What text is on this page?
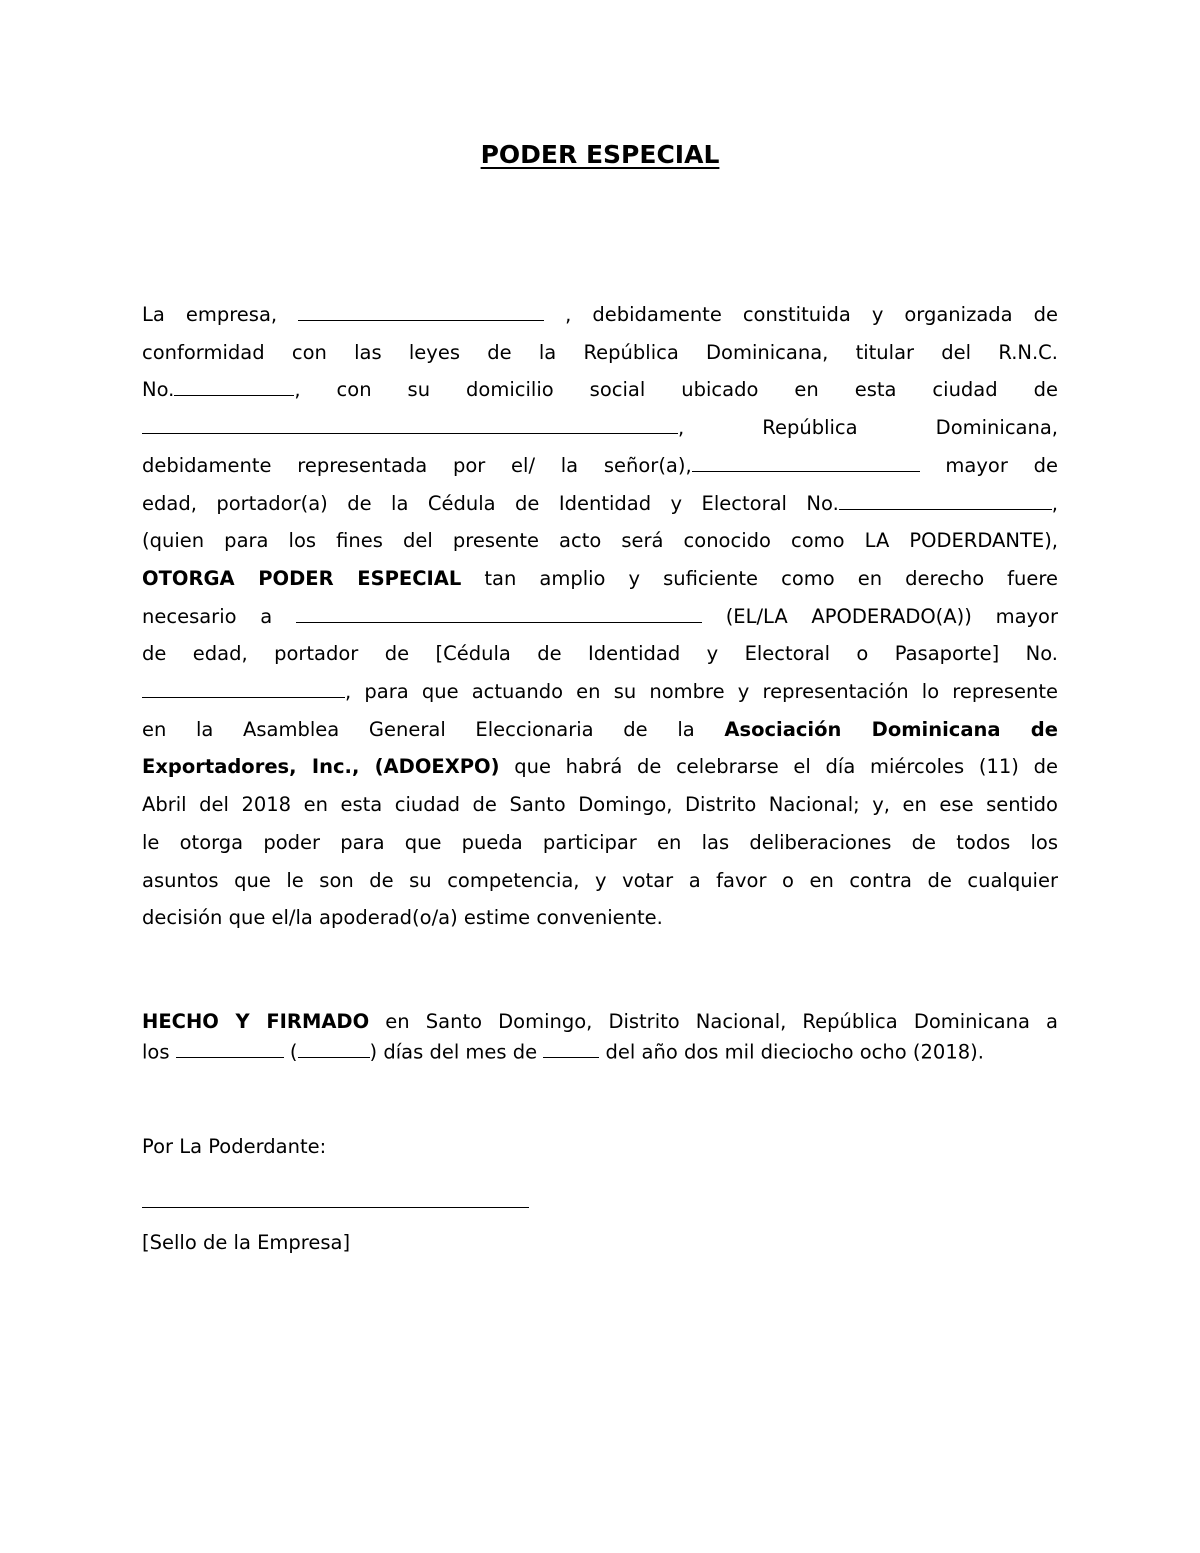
PODER ESPECIAL
La empresa,	, debidamente constituida y organizada de
conformidad con las leyes de la República Dominicana, titular del R.N.C.
No.	, con su domicilio social ubicado en esta ciudad de
, República Dominicana,
debidamente representada por el/ la señor(a),	mayor de
edad, portador(a) de la Cédula de Identidad y Electoral No.	,
(quien para los fines del presente acto será conocido como LA PODERDANTE),
OTORGA PODER ESPECIAL tan amplio y suficiente como en derecho fuere
necesario a	(EL/LA APODERADO(A)) mayor
de edad, portador de [Cédula de Identidad y Electoral o Pasaporte] No.
, para que actuando en su nombre y representación lo represente
en la Asamblea General Eleccionaria de la Asociación Dominicana de
Exportadores, Inc., (ADOEXPO) que habrá de celebrarse el día miércoles (11) de
Abril del 2018 en esta ciudad de Santo Domingo, Distrito Nacional; y, en ese sentido
le otorga poder para que pueda participar en las deliberaciones de todos los
asuntos que le son de su competencia, y votar a favor o en contra de cualquier
decisión que el/la apoderad(o/a) estime conveniente.
HECHO Y FIRMADO en Santo Domingo, Distrito Nacional, República Dominicana a
los	(	) días del mes de	del año dos mil dieciocho ocho (2018).

Por La Poderdante:

[Sello de la Empresa]
